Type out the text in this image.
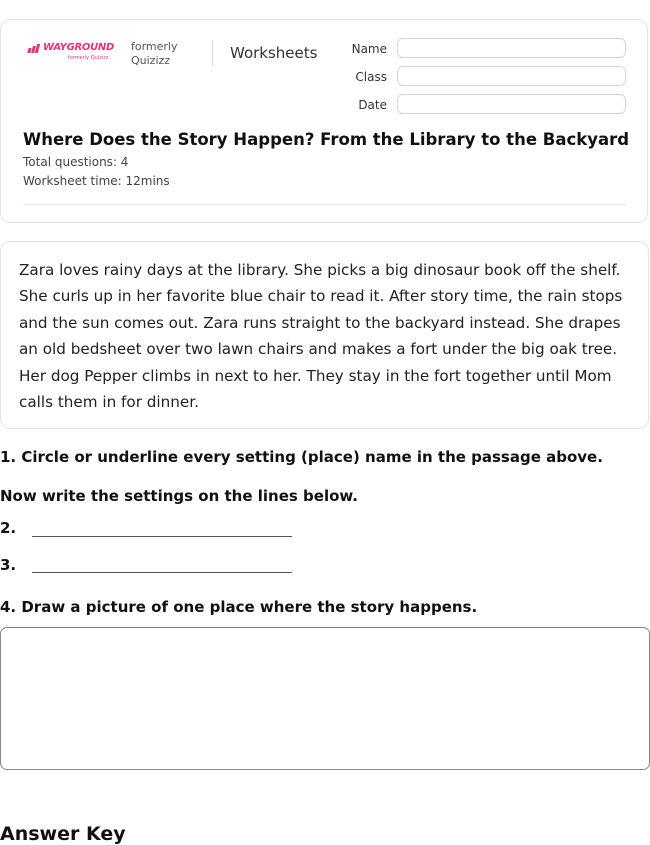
WAYGROUND
formerly Quizizz
formerly Quizizz	Worksheets	Name
Class
Date
Where Does the Story Happen? From the Library to the Backyard
Total questions: 4
Worksheet time: 12mins
Zara loves rainy days at the library. She picks a big dinosaur book off the shelf. She curls up in her favorite blue chair to read it. After story time, the rain stops and the sun comes out. Zara runs straight to the backyard instead. She drapes an old bedsheet over two lawn chairs and makes a fort under the big oak tree. Her dog Pepper climbs in next to her. They stay in the fort together until Mom calls them in for dinner.
1. Circle or underline every setting (place) name in the passage above.
Now write the settings on the lines below.
2.
3.
4. Draw a picture of one place where the story happens.
Answer Key
